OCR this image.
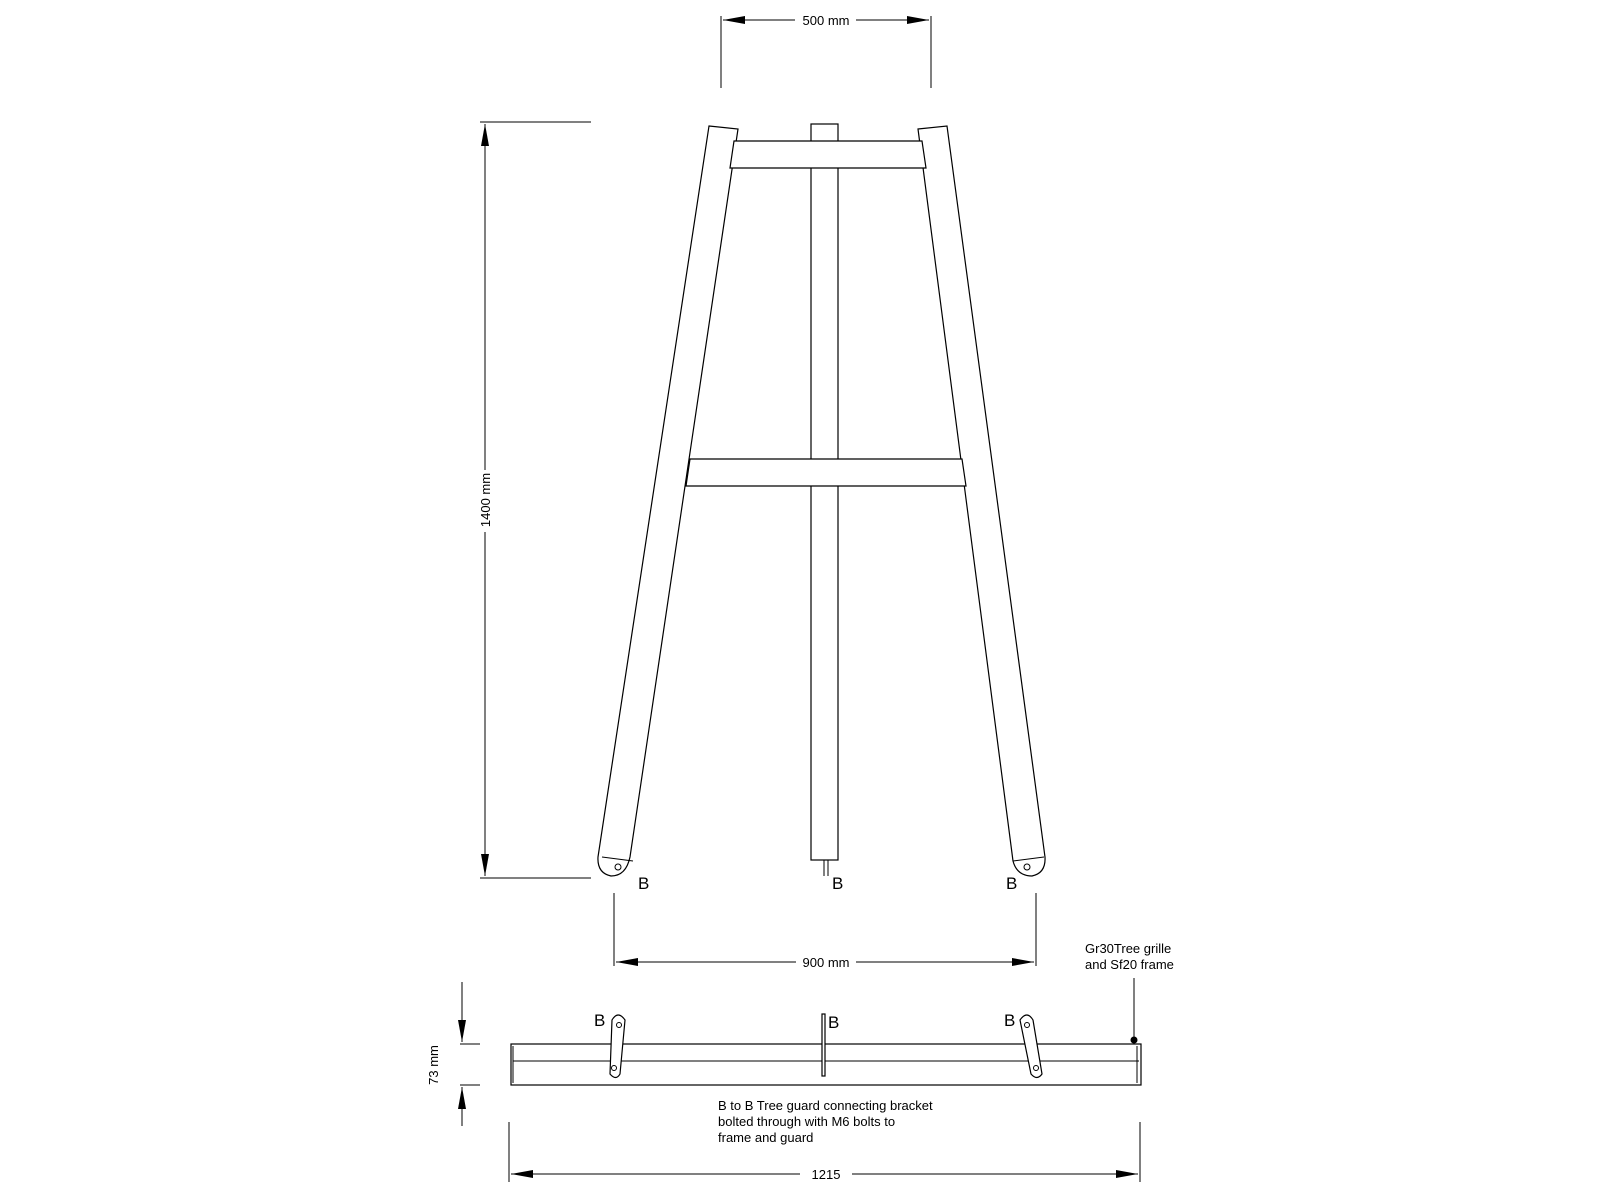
B	B	B
500 mm
1400 mm
900 mm
B	B	B
73 mm
1215
Gr30Tree grille
and Sf20 frame
B to B Tree guard connecting bracket
bolted through with M6 bolts to
frame and guard
